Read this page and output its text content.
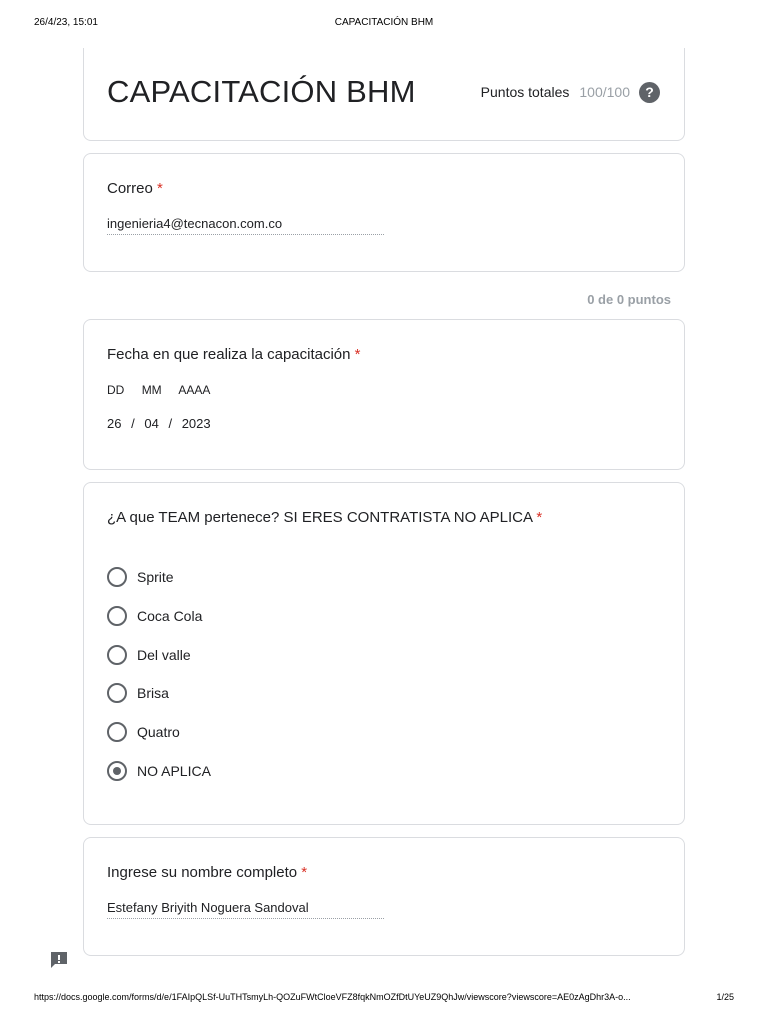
26/4/23, 15:01	CAPACITACIÓN BHM
CAPACITACIÓN BHM	Puntos totales 100/100	?
Correo *
ingenieria4@tecnacon.com.co
0 de 0 puntos
Fecha en que realiza la capacitación *
DD MM AAAA
26 / 04 / 2023
¿A que TEAM pertenece? SI ERES CONTRATISTA NO APLICA *
Sprite
Coca Cola
Del valle
Brisa
Quatro
NO APLICA
Ingrese su nombre completo *
Estefany Briyith Noguera Sandoval
https://docs.google.com/forms/d/e/1FAIpQLSf-UuTHTsmyLh-QOZuFWtCloeVFZ8fqkNmOZfDtUYeUZ9QhJw/viewscore?viewscore=AE0zAgDhr3A-o...	1/25
